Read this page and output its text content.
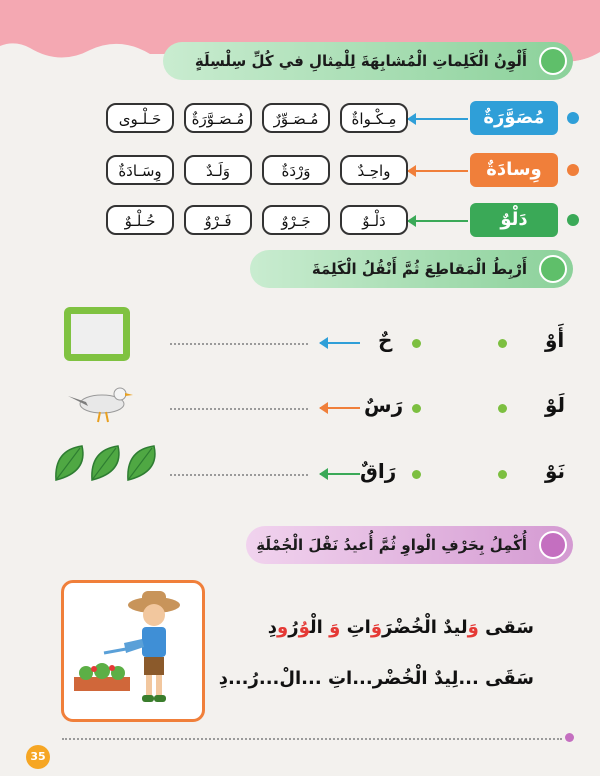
أَلْوِنُ الْكَلِماتِ الْمُشابِهَةَ لِلْمِثالِ في كُلِّ سِلْسِلَةٍ
مُصَوَّرَةٌ
مِـكْـواةٌ
مُـصَـوِّرٌ
مُـصَـوَّرَةٌ
حَـلْـوى
وِسادَةٌ
واحِـدٌ
وَرْدَةٌ
وَلَـدٌ
وِسَـادَةٌ
دَلْوٌ
دَلْـوٌ
جَـرْوٌ
فَـرْوٌ
حُـلْـوٌ
أَرْبِطُ الْمَقاطِعَ ثُمَّ أَنْقُلُ الْكَلِمَةَ
أَوْ
حٌ
لَوْ
رَسٌ
نَوْ
رَاقٌ
أُكْمِلُ بِحَرْفِ الْواوِ ثُمَّ أُعيدُ نَقْلَ الْجُمْلَةِ
سَقى وَليدٌ الْخُضْرَوَاتِ وَ الْوُرُودِ
سَقَى ...لِيدٌ الْخُضْر...اتِ ...الْ...رُ...دِ
35
